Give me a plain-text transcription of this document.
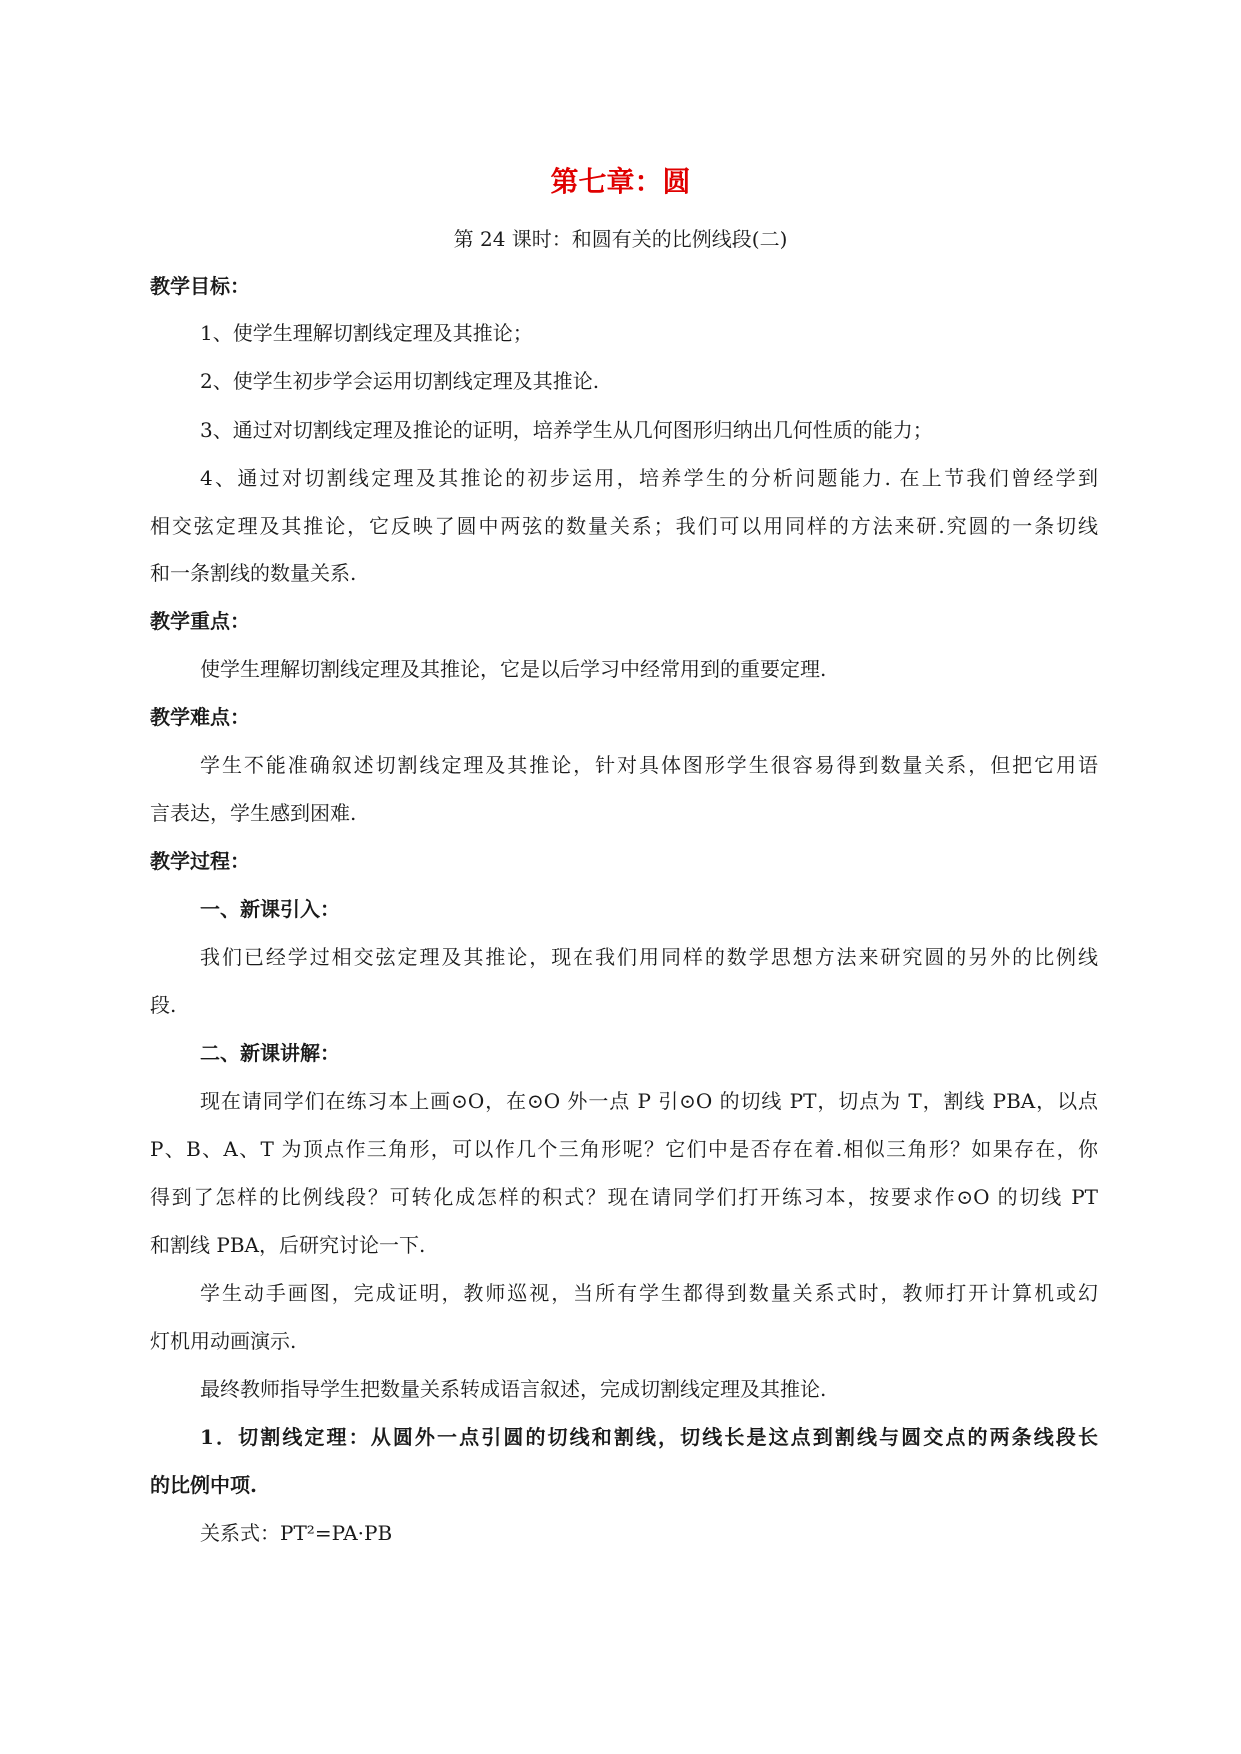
第七章：圆
第 24 课时：和圆有关的比例线段(二)
教学目标：
1、使学生理解切割线定理及其推论；
2、使学生初步学会运用切割线定理及其推论.
3、通过对切割线定理及推论的证明，培养学生从几何图形归纳出几何性质的能力；
4、通过对切割线定理及其推论的初步运用，培养学生的分析问题能力. 在上节我们曾经学到
相交弦定理及其推论，它反映了圆中两弦的数量关系；我们可以用同样的方法来研.究圆的一条切线
和一条割线的数量关系.
教学重点：
使学生理解切割线定理及其推论，它是以后学习中经常用到的重要定理.
教学难点：
学生不能准确叙述切割线定理及其推论，针对具体图形学生很容易得到数量关系，但把它用语
言表达，学生感到困难.
教学过程：
一、新课引入：
我们已经学过相交弦定理及其推论，现在我们用同样的数学思想方法来研究圆的另外的比例线
段.
二、新课讲解：
现在请同学们在练习本上画⊙O，在⊙O 外一点 P 引⊙O 的切线 PT，切点为 T，割线 PBA，以点
P、B、A、T 为顶点作三角形，可以作几个三角形呢？它们中是否存在着.相似三角形？如果存在，你
得到了怎样的比例线段？可转化成怎样的积式？现在请同学们打开练习本，按要求作⊙O 的切线 PT
和割线 PBA，后研究讨论一下.
学生动手画图，完成证明，教师巡视，当所有学生都得到数量关系式时，教师打开计算机或幻
灯机用动画演示.
最终教师指导学生把数量关系转成语言叙述，完成切割线定理及其推论.
1．切割线定理：从圆外一点引圆的切线和割线，切线长是这点到割线与圆交点的两条线段长
的比例中项.
关系式：PT²=PA·PB
